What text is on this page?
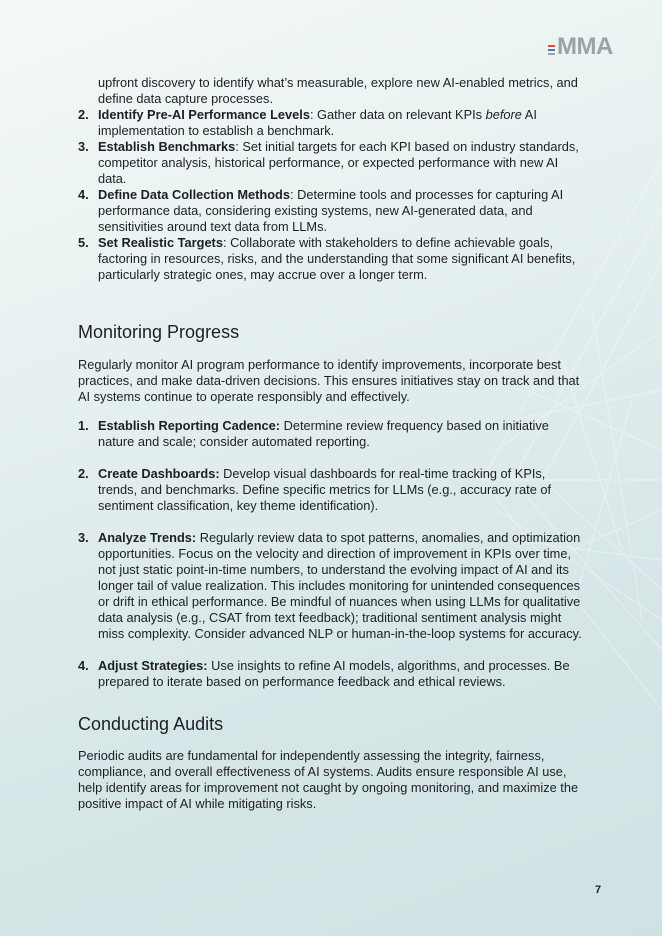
MMA

upfront discovery to identify what’s measurable, explore new AI-enabled metrics, and define data capture processes.

2. Identify Pre-AI Performance Levels: Gather data on relevant KPIs before AI implementation to establish a benchmark.
3. Establish Benchmarks: Set initial targets for each KPI based on industry standards, competitor analysis, historical performance, or expected performance with new AI data.
4. Define Data Collection Methods: Determine tools and processes for capturing AI performance data, considering existing systems, new AI-generated data, and sensitivities around text data from LLMs.
5. Set Realistic Targets: Collaborate with stakeholders to define achievable goals, factoring in resources, risks, and the understanding that some significant AI benefits, particularly strategic ones, may accrue over a longer term.
Monitoring Progress

Regularly monitor AI program performance to identify improvements, incorporate best practices, and make data-driven decisions. This ensures initiatives stay on track and that AI systems continue to operate responsibly and effectively.

1. Establish Reporting Cadence: Determine review frequency based on initiative nature and scale; consider automated reporting.
2. Create Dashboards: Develop visual dashboards for real-time tracking of KPIs, trends, and benchmarks. Define specific metrics for LLMs (e.g., accuracy rate of sentiment classification, key theme identification).
3. Analyze Trends: Regularly review data to spot patterns, anomalies, and optimization opportunities. Focus on the velocity and direction of improvement in KPIs over time, not just static point-in-time numbers, to understand the evolving impact of AI and its longer tail of value realization. This includes monitoring for unintended consequences or drift in ethical performance. Be mindful of nuances when using LLMs for qualitative data analysis (e.g., CSAT from text feedback); traditional sentiment analysis might miss complexity. Consider advanced NLP or human-in-the-loop systems for accuracy.
4. Adjust Strategies: Use insights to refine AI models, algorithms, and processes. Be prepared to iterate based on performance feedback and ethical reviews.
Conducting Audits

Periodic audits are fundamental for independently assessing the integrity, fairness, compliance, and overall effectiveness of AI systems. Audits ensure responsible AI use, help identify areas for improvement not caught by ongoing monitoring, and maximize the positive impact of AI while mitigating risks.

7
